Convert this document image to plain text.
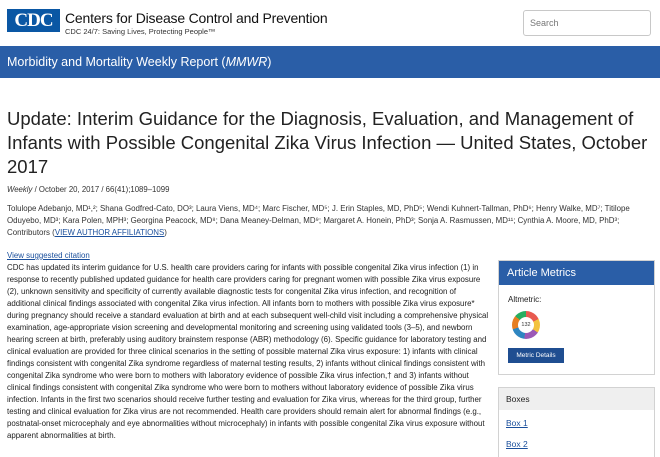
CDC Centers for Disease Control and Prevention
CDC 24/7: Saving Lives, Protecting People™
Search
Morbidity and Mortality Weekly Report (MMWR)
Update: Interim Guidance for the Diagnosis, Evaluation, and Management of Infants with Possible Congenital Zika Virus Infection — United States, October 2017
Weekly / October 20, 2017 / 66(41);1089–1099
Tolulope Adebanjo, MD¹,²; Shana Godfred-Cato, DO³; Laura Viens, MD⁴; Marc Fischer, MD⁵; J. Erin Staples, MD, PhD⁵; Wendi Kuhnert-Tallman, PhD⁶; Henry Walke, MD⁷; Titilope Oduyebo, MD³; Kara Polen, MPH³; Georgina Peacock, MD⁸; Dana Meaney-Delman, MD⁹; Margaret A. Honein, PhD³; Sonja A. Rasmussen, MD¹¹; Cynthia A. Moore, MD, PhD³; Contributors (VIEW AUTHOR AFFILIATIONS)
View suggested citation

CDC has updated its interim guidance for U.S. health care providers caring for infants with possible congenital Zika virus infection (1) in response to recently published updated guidance for health care providers caring for pregnant women with possible Zika virus exposure (2), unknown sensitivity and specificity of currently available diagnostic tests for congenital Zika virus infection, and recognition of additional clinical findings associated with congenital Zika virus infection. All infants born to mothers with possible Zika virus exposure* during pregnancy should receive a standard evaluation at birth and at each subsequent well-child visit including a comprehensive physical examination, age-appropriate vision screening and developmental monitoring and screening using validated tools (3–5), and newborn hearing screen at birth, preferably using auditory brainstem response (ABR) methodology (6). Specific guidance for laboratory testing and clinical evaluation are provided for three clinical scenarios in the setting of possible maternal Zika virus exposure: 1) infants with clinical findings consistent with congenital Zika syndrome regardless of maternal testing results, 2) infants without clinical findings consistent with congenital Zika syndrome who were born to mothers with laboratory evidence of possible Zika virus infection,† and 3) infants without clinical findings consistent with congenital Zika syndrome who were born to mothers without laboratory evidence of possible Zika virus infection. Infants in the first two scenarios should receive further testing and evaluation for Zika virus, whereas for the third group, further testing and clinical evaluation for Zika virus are not recommended. Health care providers should remain alert for abnormal findings (e.g., postnatal-onset microcephaly and eye abnormalities without microcephaly) in infants with possible congenital Zika virus exposure without apparent abnormalities at birth.

Article Metrics
Altmetric:
132
Metric Details
Boxes
Box 1
Box 2
